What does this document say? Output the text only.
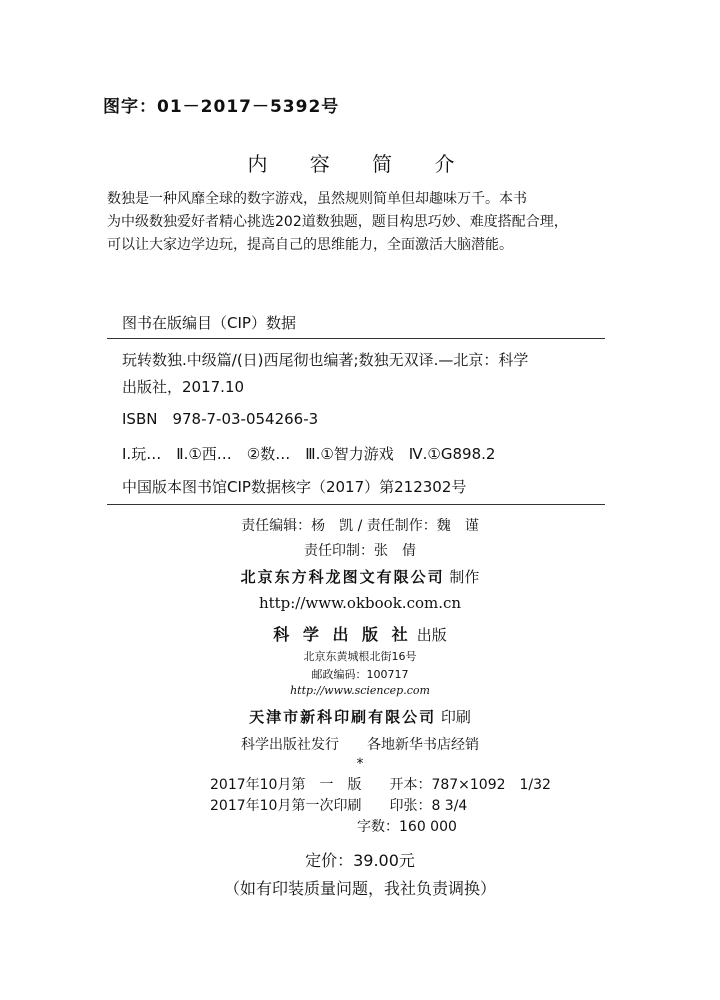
图字：01－2017－5392号
内 容 简 介
数独是一种风靡全球的数字游戏，虽然规则简单但却趣味万千。本书
为中级数独爱好者精心挑选202道数独题，题目构思巧妙、难度搭配合理，
可以让大家边学边玩，提高自己的思维能力，全面激活大脑潜能。
图书在版编目（CIP）数据
玩转数独.中级篇/(日)西尾彻也编著;数独无双译.—北京：科学
出版社，2017.10
ISBN　978-7-03-054266-3
Ⅰ.玩…　Ⅱ.①西…　②数…　Ⅲ.①智力游戏　Ⅳ.①G898.2
中国版本图书馆CIP数据核字（2017）第212302号
责任编辑：杨　凯 / 责任制作：魏　谨
责任印制：张　倩
北京东方科龙图文有限公司 制作
http://www.okbook.com.cn
科 学 出 版 社 出版
北京东黄城根北街16号
邮政编码：100717
http://www.sciencep.com
天津市新科印刷有限公司 印刷
科学出版社发行　　各地新华书店经销
*
2017年10月第　一　版　　开本：787×1092　1/32
2017年10月第一次印刷　　印张：8 3/4
字数：160 000
定价：39.00元
（如有印装质量问题，我社负责调换）
